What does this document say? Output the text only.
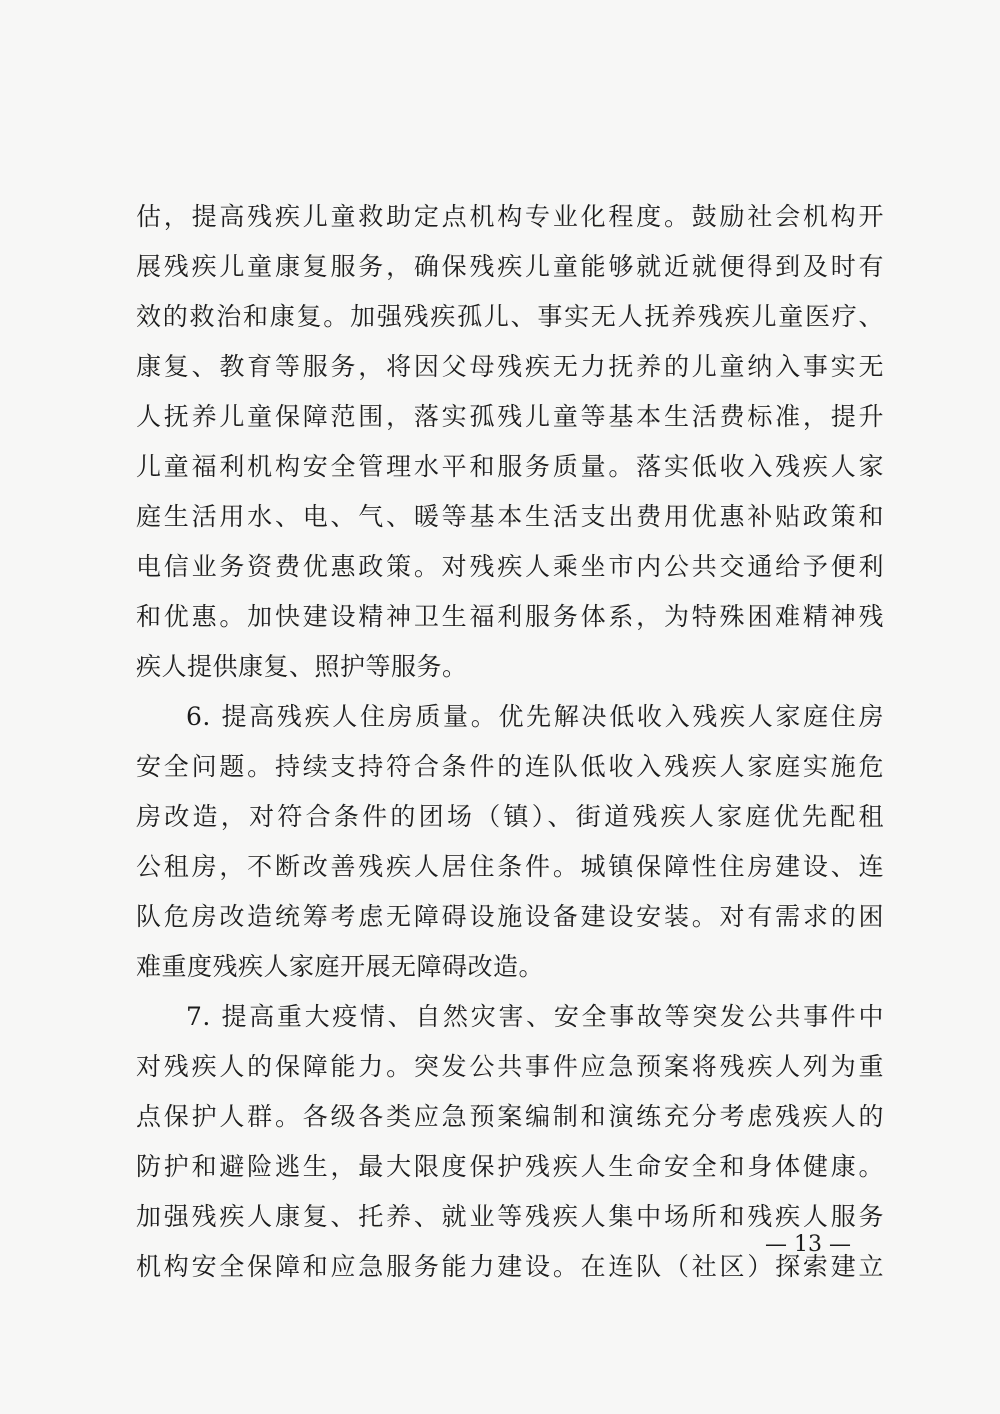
估，提高残疾儿童救助定点机构专业化程度。鼓励社会机构开
展残疾儿童康复服务，确保残疾儿童能够就近就便得到及时有
效的救治和康复。加强残疾孤儿、事实无人抚养残疾儿童医疗、
康复、教育等服务，将因父母残疾无力抚养的儿童纳入事实无
人抚养儿童保障范围，落实孤残儿童等基本生活费标准，提升
儿童福利机构安全管理水平和服务质量。落实低收入残疾人家
庭生活用水、电、气、暖等基本生活支出费用优惠补贴政策和
电信业务资费优惠政策。对残疾人乘坐市内公共交通给予便利
和优惠。加快建设精神卫生福利服务体系，为特殊困难精神残
疾人提供康复、照护等服务。
6. 提高残疾人住房质量。优先解决低收入残疾人家庭住房
安全问题。持续支持符合条件的连队低收入残疾人家庭实施危
房改造，对符合条件的团场（镇）、街道残疾人家庭优先配租
公租房，不断改善残疾人居住条件。城镇保障性住房建设、连
队危房改造统筹考虑无障碍设施设备建设安装。对有需求的困
难重度残疾人家庭开展无障碍改造。
7. 提高重大疫情、自然灾害、安全事故等突发公共事件中
对残疾人的保障能力。突发公共事件应急预案将残疾人列为重
点保护人群。各级各类应急预案编制和演练充分考虑残疾人的
防护和避险逃生，最大限度保护残疾人生命安全和身体健康。
加强残疾人康复、托养、就业等残疾人集中场所和残疾人服务
机构安全保障和应急服务能力建设。在连队（社区）探索建立
— 13 —
